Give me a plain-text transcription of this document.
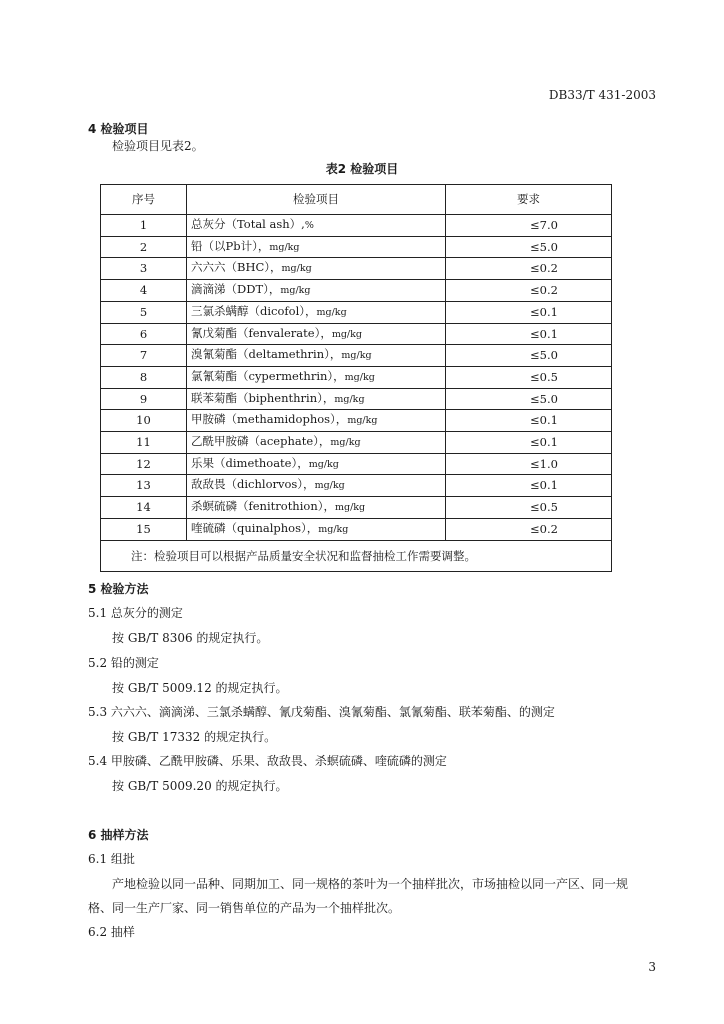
DB33/T 431-2003
4 检验项目
检验项目见表2。
表2 检验项目
序号	检验项目	要求
1	总灰分（Total ash）,%	≤7.0
2	铅（以Pb计），mg/kg	≤5.0
3	六六六（BHC），mg/kg	≤0.2
4	滴滴涕（DDT），mg/kg	≤0.2
5	三氯杀螨醇（dicofol），mg/kg	≤0.1
6	氰戊菊酯（fenvalerate），mg/kg	≤0.1
7	溴氰菊酯（deltamethrin），mg/kg	≤5.0
8	氯氰菊酯（cypermethrin），mg/kg	≤0.5
9	联苯菊酯（biphenthrin），mg/kg	≤5.0
10	甲胺磷（methamidophos），mg/kg	≤0.1
11	乙酰甲胺磷（acephate），mg/kg	≤0.1
12	乐果（dimethoate），mg/kg	≤1.0
13	敌敌畏（dichlorvos），mg/kg	≤0.1
14	杀螟硫磷（fenitrothion），mg/kg	≤0.5
15	喹硫磷（quinalphos），mg/kg	≤0.2
注：检验项目可以根据产品质量安全状况和监督抽检工作需要调整。		
5 检验方法
5.1 总灰分的测定
按 GB/T 8306 的规定执行。
5.2 铅的测定
按 GB/T 5009.12 的规定执行。
5.3 六六六、滴滴涕、三氯杀螨醇、氰戊菊酯、溴氰菊酯、氯氰菊酯、联苯菊酯、的测定
按 GB/T 17332 的规定执行。
5.4 甲胺磷、乙酰甲胺磷、乐果、敌敌畏、杀螟硫磷、喹硫磷的测定
按 GB/T 5009.20 的规定执行。
6 抽样方法
6.1 组批
产地检验以同一品种、同期加工、同一规格的茶叶为一个抽样批次，市场抽检以同一产区、同一规
格、同一生产厂家、同一销售单位的产品为一个抽样批次。
6.2 抽样
3
